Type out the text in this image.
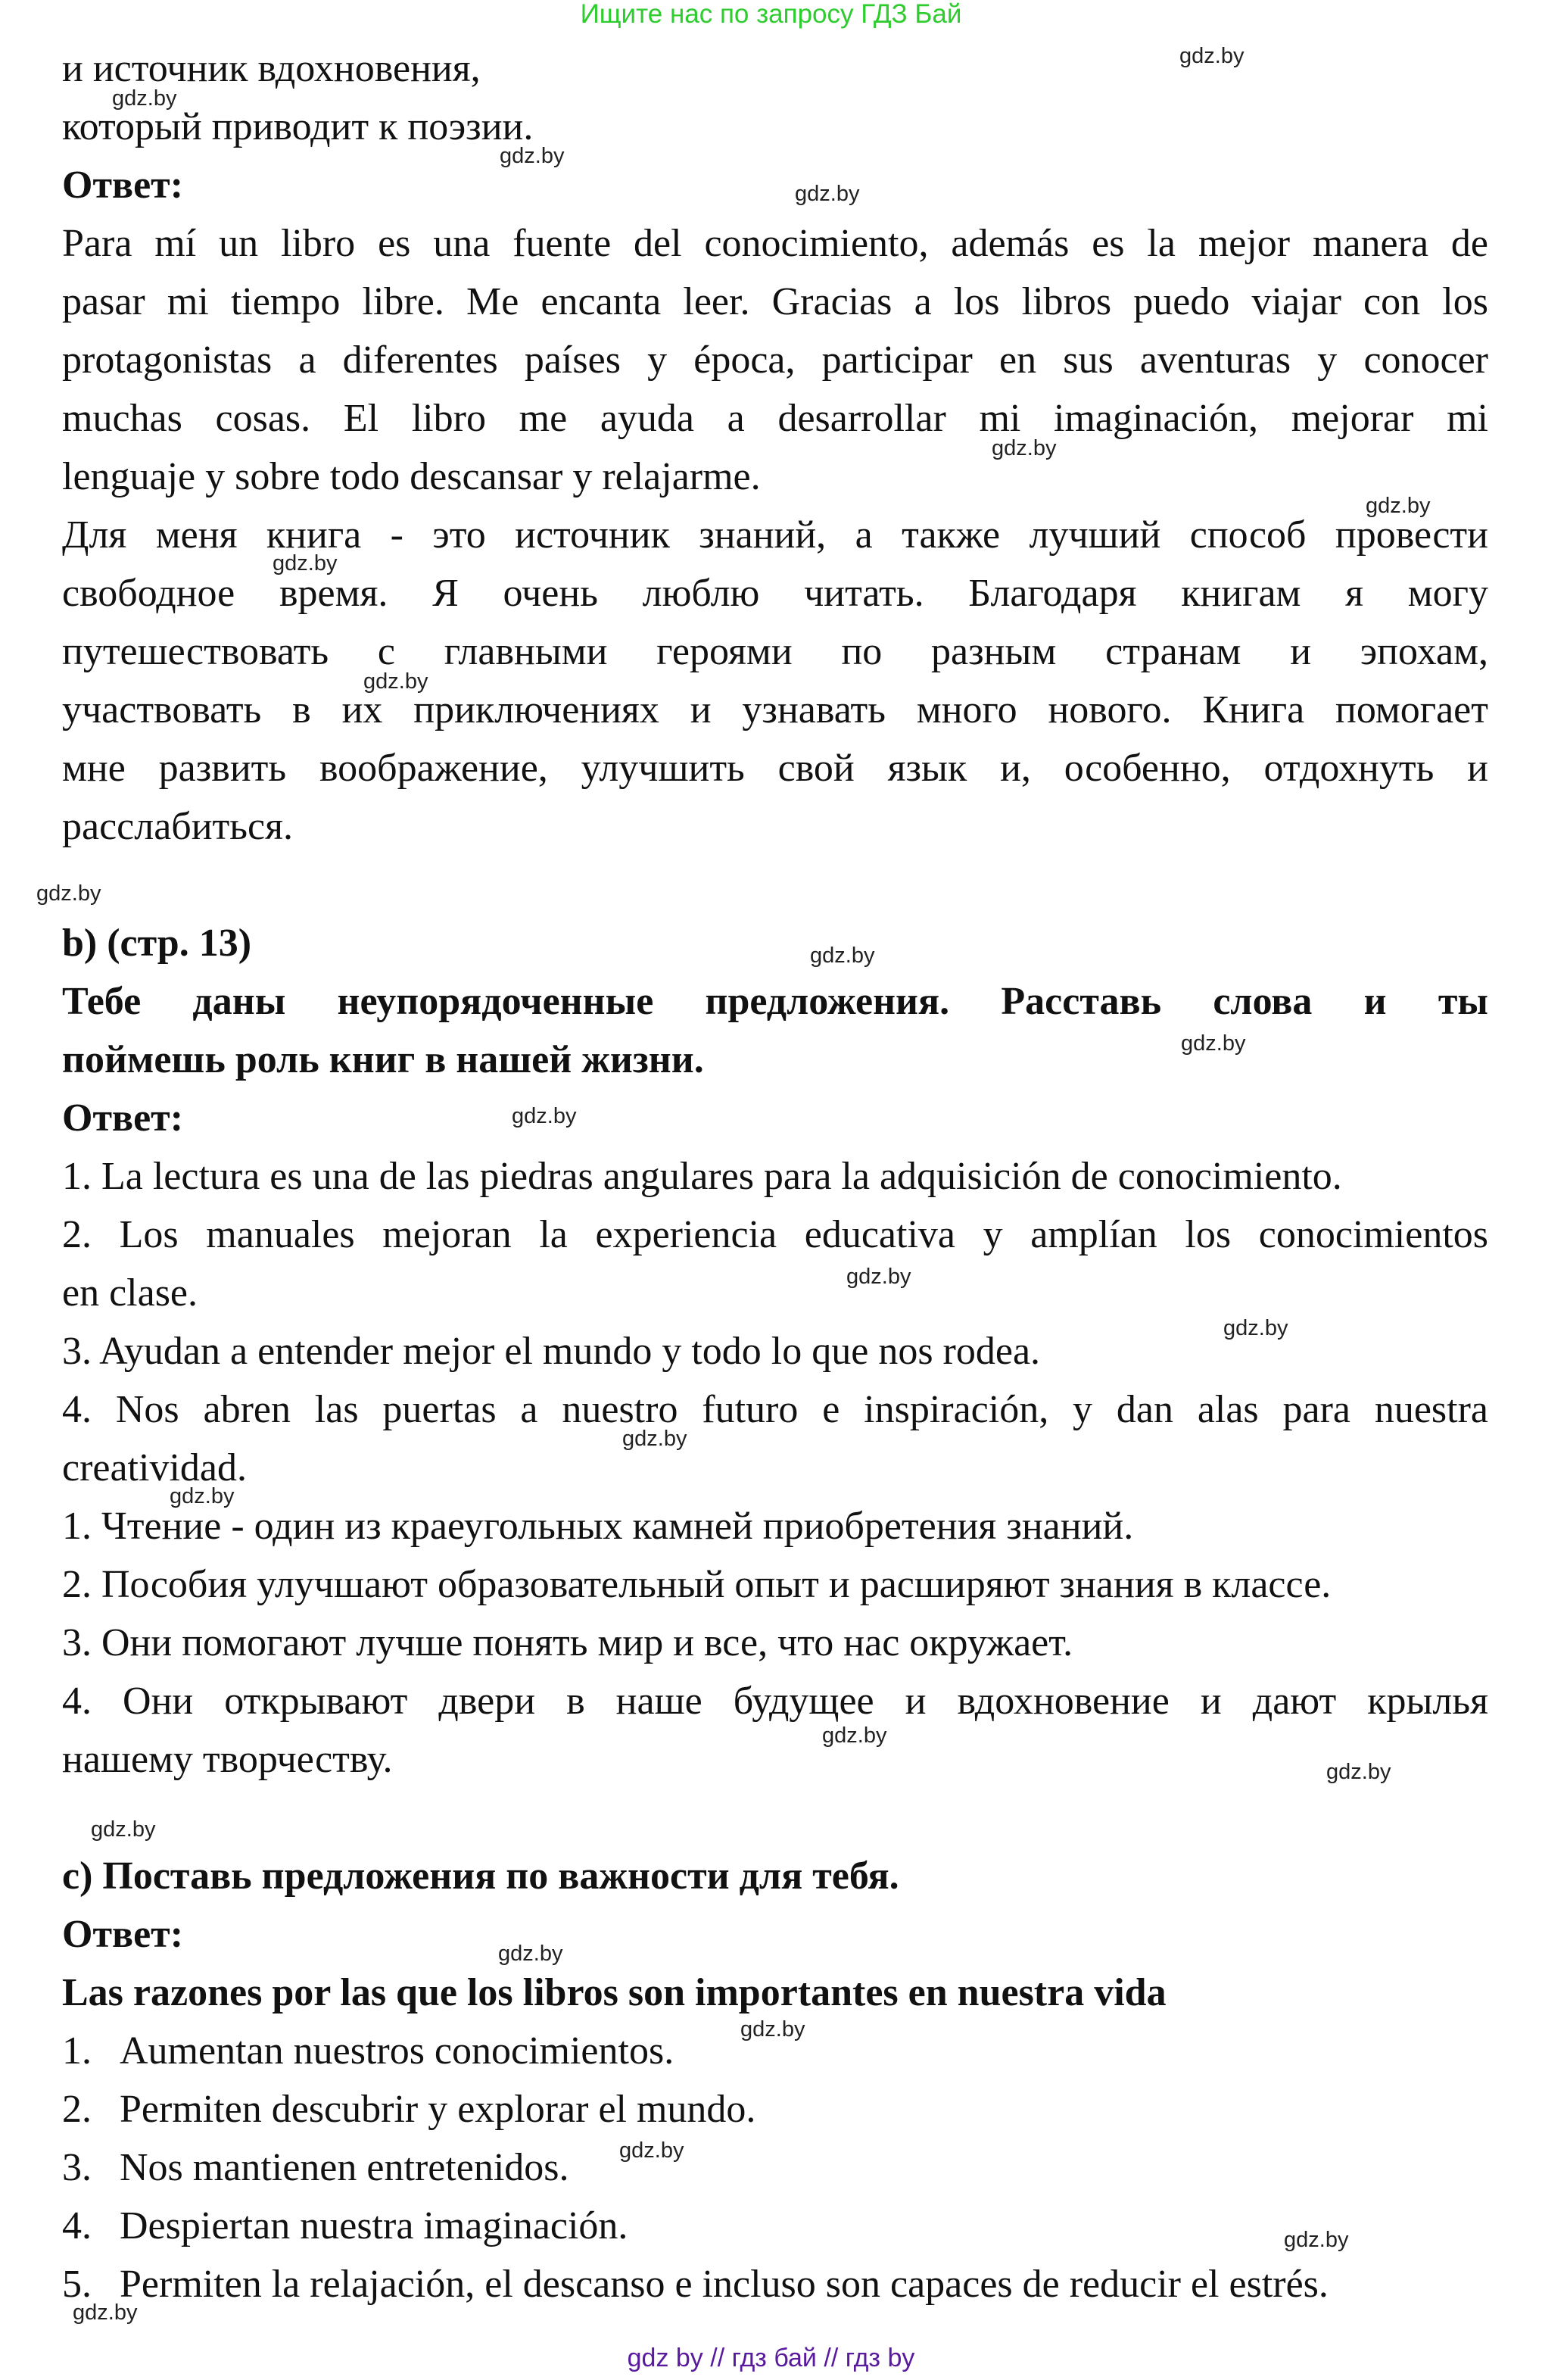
Ищите нас по запросу ГДЗ Бай
и источник вдохновения,
который приводит к поэзии.
Ответ:
Para mí un libro es una fuente del conocimiento, además es la mejor manera de
pasar mi tiempo libre. Me encanta leer. Gracias a los libros puedo viajar con los
protagonistas a diferentes países y época, participar en sus aventuras y conocer
muchas cosas. El libro me ayuda a desarrollar mi imaginación, mejorar mi
lenguaje y sobre todo descansar y relajarme.
Для меня книга - это источник знаний, а также лучший способ провести
свободное время. Я очень люблю читать. Благодаря книгам я могу
путешествовать с главными героями по разным странам и эпохам,
участвовать в их приключениях и узнавать много нового. Книга помогает
мне развить воображение, улучшить свой язык и, особенно, отдохнуть и
расслабиться.
b) (стр. 13)
Тебе даны неупорядоченные предложения. Расставь слова и ты
поймешь роль книг в нашей жизни.
Ответ:
1. La lectura es una de las piedras angulares para la adquisición de conocimiento.
2. Los manuales mejoran la experiencia educativa y amplían los conocimientos
en clase.
3. Ayudan a entender mejor el mundo y todo lo que nos rodea.
4. Nos abren las puertas a nuestro futuro e inspiración, y dan alas para nuestra
creatividad.
1. Чтение - один из краеугольных камней приобретения знаний.
2. Пособия улучшают образовательный опыт и расширяют знания в классе.
3. Они помогают лучше понять мир и все, что нас окружает.
4. Они открывают двери в наше будущее и вдохновение и дают крылья
нашему творчеству.
c) Поставь предложения по важности для тебя.
Ответ:
Las razones por las que los libros son importantes en nuestra vida
1. Aumentan nuestros conocimientos.
2. Permiten descubrir y explorar el mundo.
3. Nos mantienen entretenidos.
4. Despiertan nuestra imaginación.
5. Permiten la relajación, el descanso e incluso son capaces de reducir el estrés.
gdz.by
gdz.by
gdz.by
gdz.by
gdz.by
gdz.by
gdz.by
gdz.by
gdz.by
gdz.by
gdz.by
gdz.by
gdz.by
gdz.by
gdz.by
gdz.by
gdz.by
gdz.by
gdz.by
gdz.by
gdz.by
gdz.by
gdz.by
gdz.by
gdz by // гдз бай // гдз by
